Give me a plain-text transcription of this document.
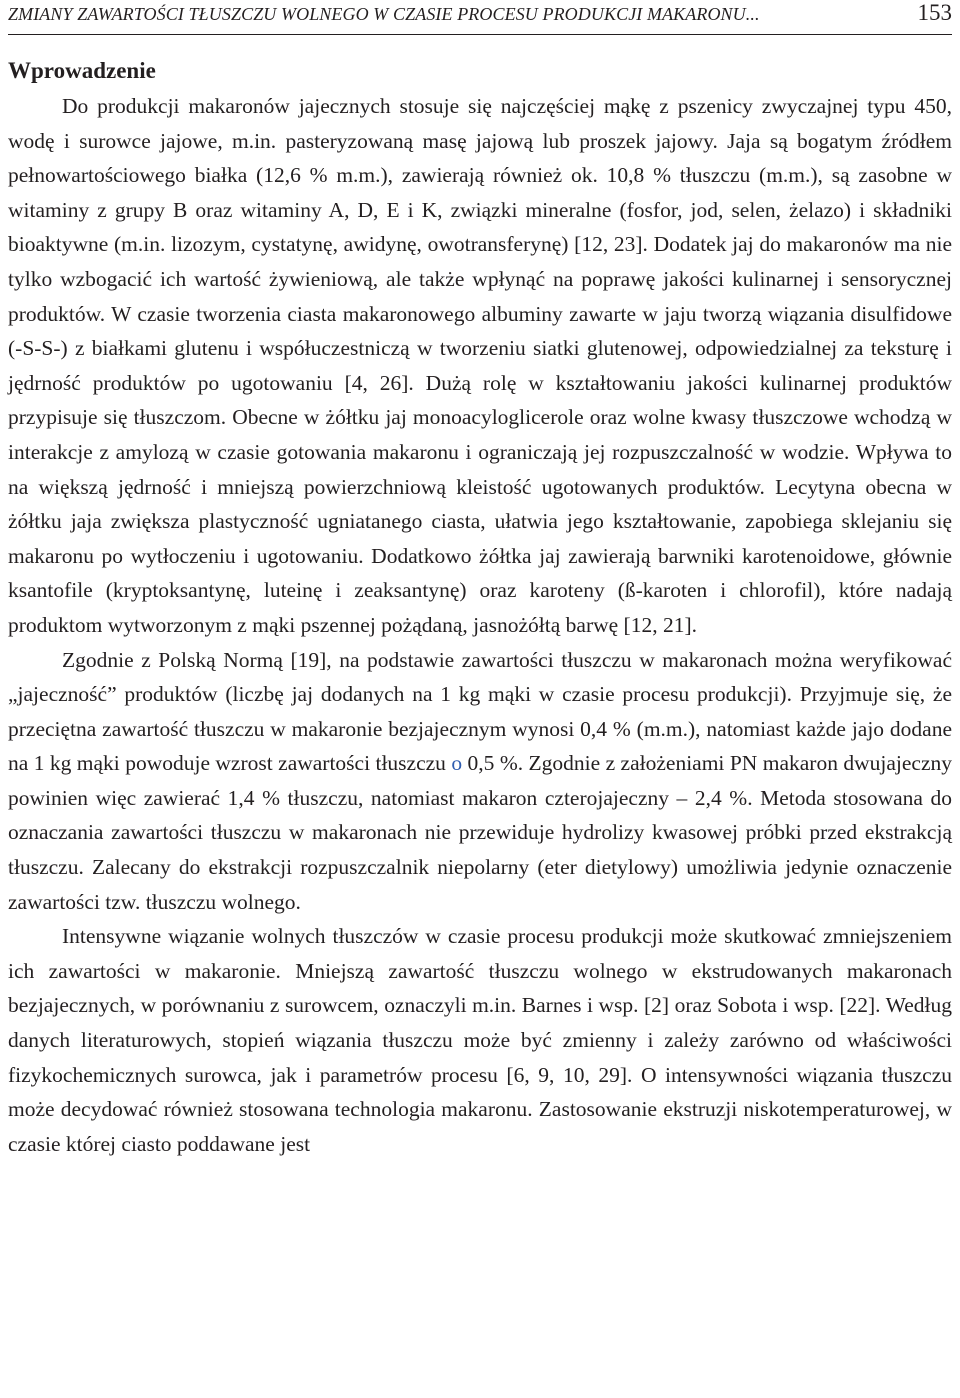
ZMIANY ZAWARTOŚCI TŁUSZCZU WOLNEGO W CZASIE PROCESU PRODUKCJI MAKARONU...	153
Wprowadzenie

Do produkcji makaronów jajecznych stosuje się najczęściej mąkę z pszenicy zwyczajnej typu 450, wodę i surowce jajowe, m.in. pasteryzowaną masę jajową lub proszek jajowy. Jaja są bogatym źródłem pełnowartościowego białka (12,6 % m.m.), zawierają również ok. 10,8 % tłuszczu (m.m.), są zasobne w witaminy z grupy B oraz witaminy A, D, E i K, związki mineralne (fosfor, jod, selen, żelazo) i składniki bioaktywne (m.in. lizozym, cystatynę, awidynę, owotransferynę) [12, 23]. Dodatek jaj do makaronów ma nie tylko wzbogacić ich wartość żywieniową, ale także wpłynąć na poprawę jakości kulinarnej i sensorycznej produktów. W czasie tworzenia ciasta makaronowego albuminy zawarte w jaju tworzą wiązania disulfidowe (-S-S-) z białkami glutenu i współuczestniczą w tworzeniu siatki glutenowej, odpowiedzialnej za teksturę i jędrność produktów po ugotowaniu [4, 26]. Dużą rolę w kształtowaniu jakości kulinarnej produktów przypisuje się tłuszczom. Obecne w żółtku jaj monoacyloglicerole oraz wolne kwasy tłuszczowe wchodzą w interakcje z amylozą w czasie gotowania makaronu i ograniczają jej rozpuszczalność w wodzie. Wpływa to na większą jędrność i mniejszą powierzchniową kleistość ugotowanych produktów. Lecytyna obecna w żółtku jaja zwiększa plastyczność ugniatanego ciasta, ułatwia jego kształtowanie, zapobiega sklejaniu się makaronu po wytłoczeniu i ugotowaniu. Dodatkowo żółtka jaj zawierają barwniki karotenoidowe, głównie ksantofile (kryptoksantynę, luteinę i zeaksantynę) oraz karoteny (ß-karoten i chlorofil), które nadają produktom wytworzonym z mąki pszennej pożądaną, jasnożółtą barwę [12, 21].

Zgodnie z Polską Normą [19], na podstawie zawartości tłuszczu w makaronach można weryfikować „jajeczność” produktów (liczbę jaj dodanych na 1 kg mąki w czasie procesu produkcji). Przyjmuje się, że przeciętna zawartość tłuszczu w makaronie bezjajecznym wynosi 0,4 % (m.m.), natomiast każde jajo dodane na 1 kg mąki powoduje wzrost zawartości tłuszczu o 0,5 %. Zgodnie z założeniami PN makaron dwujajeczny powinien więc zawierać 1,4 % tłuszczu, natomiast makaron czterojajeczny – 2,4 %. Metoda stosowana do oznaczania zawartości tłuszczu w makaronach nie przewiduje hydrolizy kwasowej próbki przed ekstrakcją tłuszczu. Zalecany do ekstrakcji rozpuszczalnik niepolarny (eter dietylowy) umożliwia jedynie oznaczenie zawartości tzw. tłuszczu wolnego.

Intensywne wiązanie wolnych tłuszczów w czasie procesu produkcji może skutkować zmniejszeniem ich zawartości w makaronie. Mniejszą zawartość tłuszczu wolnego w ekstrudowanych makaronach bezjajecznych, w porównaniu z surowcem, oznaczyli m.in. Barnes i wsp. [2] oraz Sobota i wsp. [22]. Według danych literaturowych, stopień wiązania tłuszczu może być zmienny i zależy zarówno od właściwości fizykochemicznych surowca, jak i parametrów procesu [6, 9, 10, 29]. O intensywności wiązania tłuszczu może decydować również stosowana technologia makaronu. Zastosowanie ekstruzji niskotemperaturowej, w czasie której ciasto poddawane jest
